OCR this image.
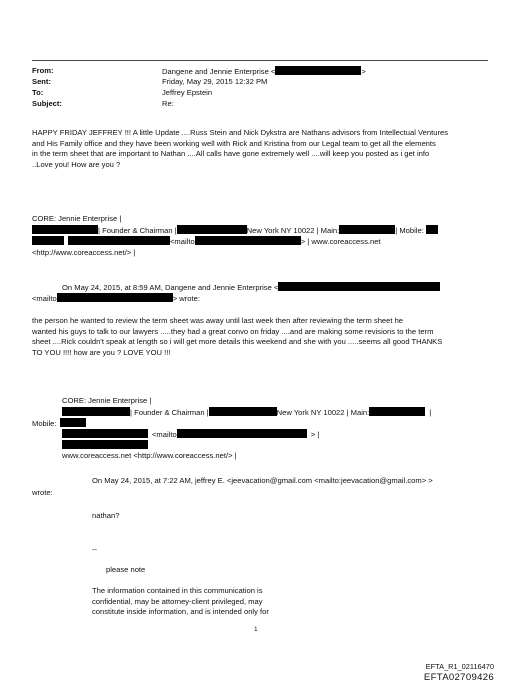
From:	Dangene and Jennie Enterprise <	>
Sent:	Friday, May 29, 2015 12:32 PM
To:	Jeffrey Epstein
Subject:	Re:
HAPPY FRIDAY JEFFREY !!! A little Update ....Russ Stein and Nick Dykstra are Nathans advisors from Intellectual Ventures
and His Family office and they have been working well with Rick and Kristina from our Legal team to get all the elements
in the term sheet that are important to Nathan ....All calls have gone extremely well ....will keep you posted as i get info
..Love you! How are you ?
CORE: Jennie Enterprise |
| Founder & Chairman |	New York NY 10022 | Main:	| Mobile:
<mailto	> | www.coreaccess.net
<http://www.coreaccess.net/> |
On May 24, 2015, at 8:59 AM, Dangene and Jennie Enterprise <
<mailto	> wrote:
the person he wanted to review the term sheet was away until last week then after reviewing the term sheet he
wanted his guys to talk to our lawyers .....they had a great convo on friday ....and are making some revisions to the term
sheet ....Rick couldn't speak at length so i will get more details this weekend and she with you .....seems all good THANKS
TO YOU !!!! how are you ? LOVE YOU !!!
CORE: Jennie Enterprise |
| Founder & Chairman |	New York NY 10022 | Main:	|
Mobile:
<mailto	> |
www.coreaccess.net <http://www.coreaccess.net/> |
On May 24, 2015, at 7:22 AM, jeffrey E. <jeevacation@gmail.com <mailto:jeevacation@gmail.com> >
wrote:
nathan?
--
please note
The information contained in this communication is
confidential, may be attorney-client privileged, may
constitute inside information, and is intended only for
1
EFTA_R1_02116470
EFTA02709426
